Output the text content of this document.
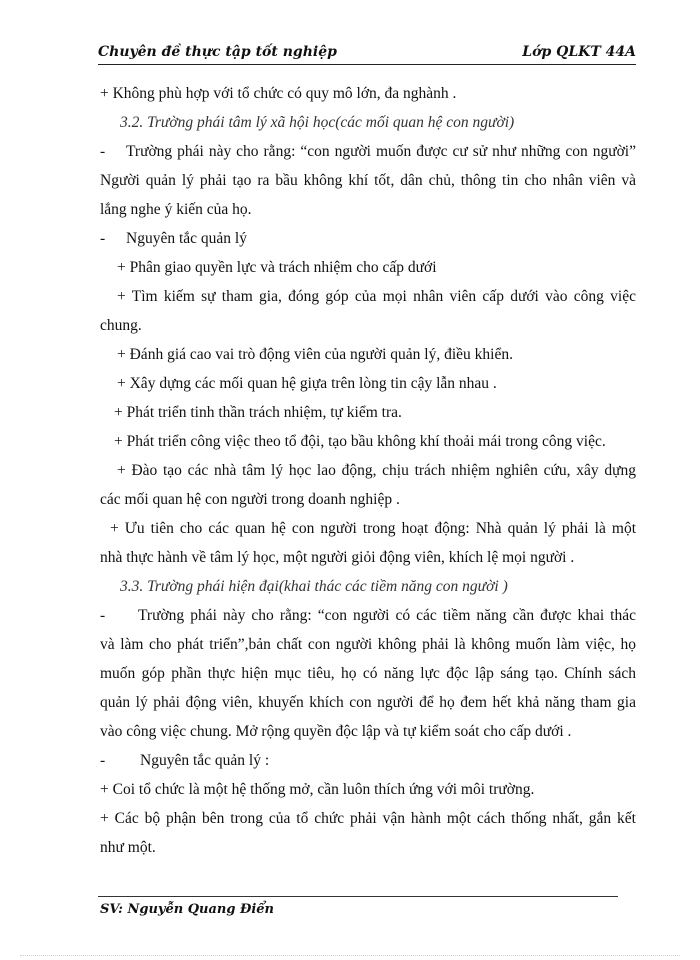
Chuyên đề thực tập tốt nghiệp	Lớp QLKT 44A

+ Không phù hợp với tổ chức có quy mô lớn, đa nghành .

3.2. Trường phái tâm lý xã hội học(các mối quan hệ con người)

- Trường phái này cho rằng: “con người muốn được cư sử như những con người”

Người quản lý phải tạo ra bầu không khí tốt, dân chủ, thông tin cho nhân viên và

lắng nghe ý kiến của họ.

- Nguyên tắc quản lý

+ Phân giao quyền lực và trách nhiệm cho cấp dưới

+ Tìm kiếm sự tham gia, đóng góp của mọi nhân viên cấp dưới vào công việc

chung.

+ Đánh giá cao vai trò động viên của người quản lý, điều khiển.

+ Xây dựng các mối quan hệ giựa trên lòng tin cậy lẫn nhau .

+ Phát triển tinh thần trách nhiệm, tự kiểm tra.

+ Phát triển công việc theo tổ đội, tạo bầu không khí thoải mái trong công việc.

+ Đào tạo các nhà tâm lý học lao động, chịu trách nhiệm nghiên cứu, xây dựng

các mối quan hệ con người trong doanh nghiệp .

+ Ưu tiên cho các quan hệ con người trong hoạt động: Nhà quản lý phải là một

nhà thực hành về tâm lý học, một người giỏi động viên, khích lệ mọi người .

3.3. Trường phái hiện đại(khai thác các tiềm năng con người )

- Trường phái này cho rằng: “con người có các tiềm năng cần được khai thác

và làm cho phát triển”,bản chất con người không phải là không muốn làm việc, họ

muốn góp phần thực hiện mục tiêu, họ có năng lực độc lập sáng tạo. Chính sách

quản lý phải động viên, khuyến khích con người để họ đem hết khả năng tham gia

vào công việc chung. Mở rộng quyền độc lập và tự kiểm soát cho cấp dưới .

- Nguyên tắc quản lý :

+ Coi tổ chức là một hệ thống mở, cần luôn thích ứng với môi trường.

+ Các bộ phận bên trong của tổ chức phải vận hành một cách thống nhất, gắn kết

như một.

SV: Nguyễn Quang Điển
